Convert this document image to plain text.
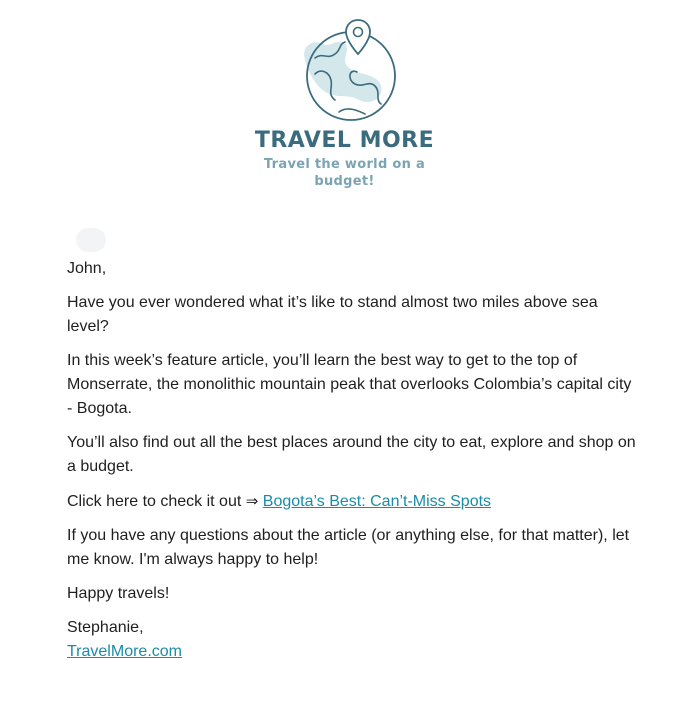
TRAVEL MORE
Travel the world on a budget!

John,

Have you ever wondered what it’s like to stand almost two miles above sea level?

In this week’s feature article, you’ll learn the best way to get to the top of Monserrate, the monolithic mountain peak that overlooks Colombia’s capital city - Bogota.

You’ll also find out all the best places around the city to eat, explore and shop on a budget.

Click here to check it out ⇒ Bogota’s Best: Can’t-Miss Spots

If you have any questions about the article (or anything else, for that matter), let me know. I'm always happy to help!

Happy travels!

Stephanie,
TravelMore.com
